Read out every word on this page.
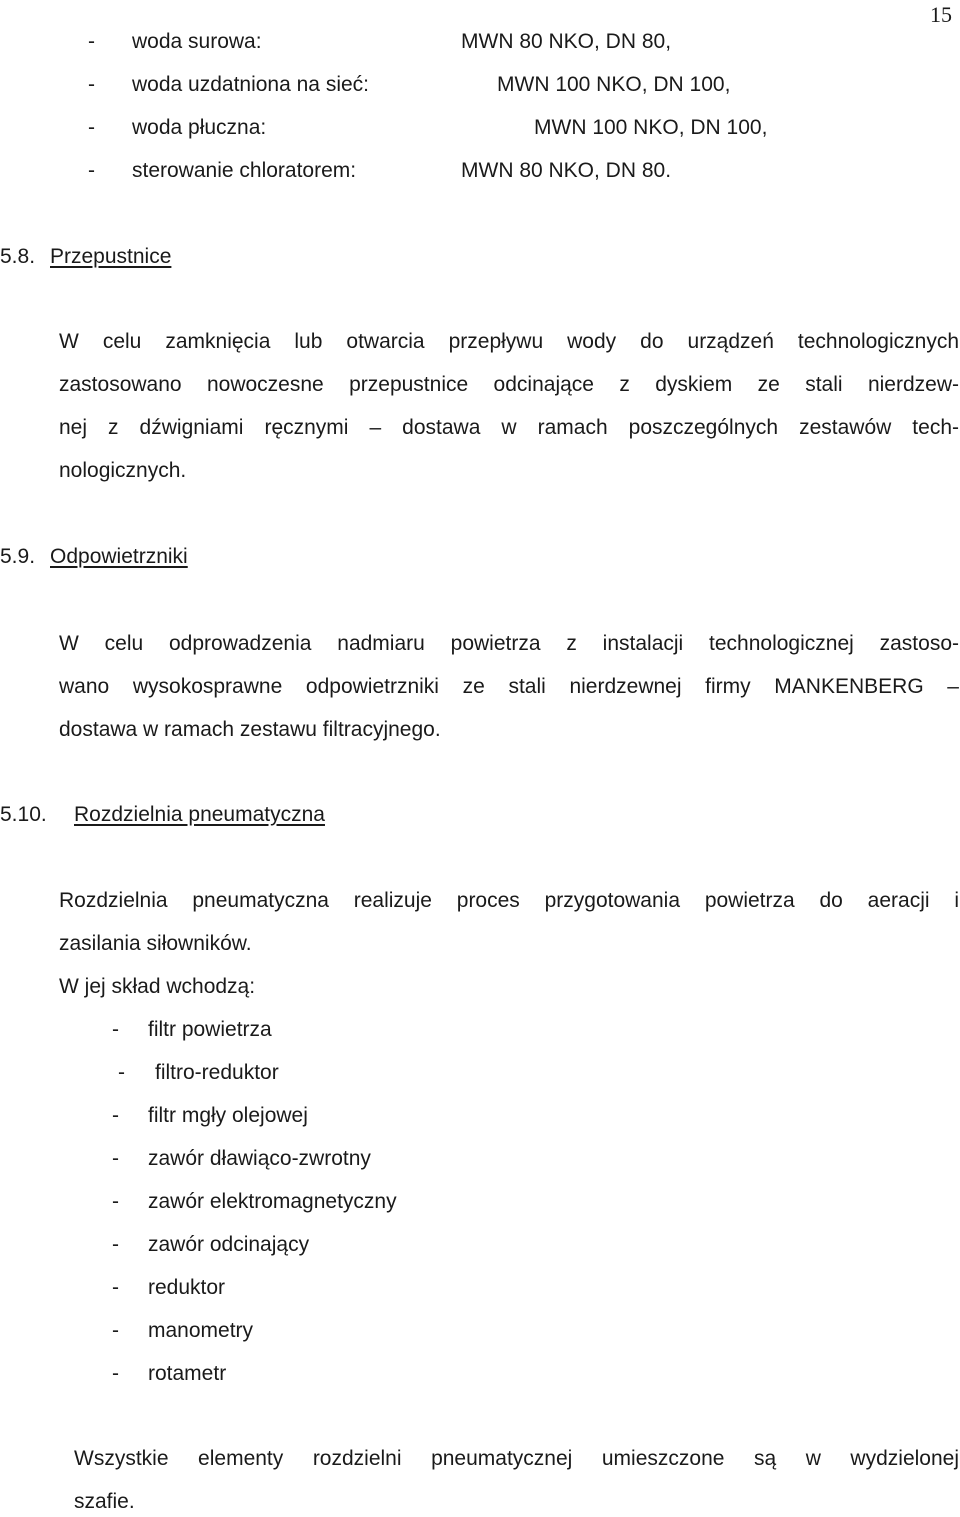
15
- woda surowa:	MWN 80 NKO, DN 80,
- woda uzdatniona na sieć:	MWN 100 NKO, DN 100,
- woda płuczna:	MWN 100 NKO, DN 100,
- sterowanie chloratorem:	MWN 80 NKO, DN 80.
5.8. Przepustnice
W celu zamknięcia lub otwarcia przepływu wody do urządzeń technologicznych
zastosowano nowoczesne przepustnice odcinające z dyskiem ze stali nierdzew-
nej z dźwigniami ręcznymi – dostawa w ramach poszczególnych zestawów tech-
nologicznych.
5.9. Odpowietrzniki
W celu odprowadzenia nadmiaru powietrza z instalacji technologicznej zastoso-
wano wysokosprawne odpowietrzniki ze stali nierdzewnej firmy MANKENBERG –
dostawa w ramach zestawu filtracyjnego.
5.10. Rozdzielnia pneumatyczna
Rozdzielnia pneumatyczna realizuje proces przygotowania powietrza do aeracji i
zasilania siłowników.
W jej skład wchodzą:
- filtr powietrza
- filtro-reduktor
- filtr mgły olejowej
- zawór dławiąco-zwrotny
- zawór elektromagnetyczny
- zawór odcinający
- reduktor
- manometry
- rotametr
Wszystkie elementy rozdzielni pneumatycznej umieszczone są w wydzielonej
szafie.
